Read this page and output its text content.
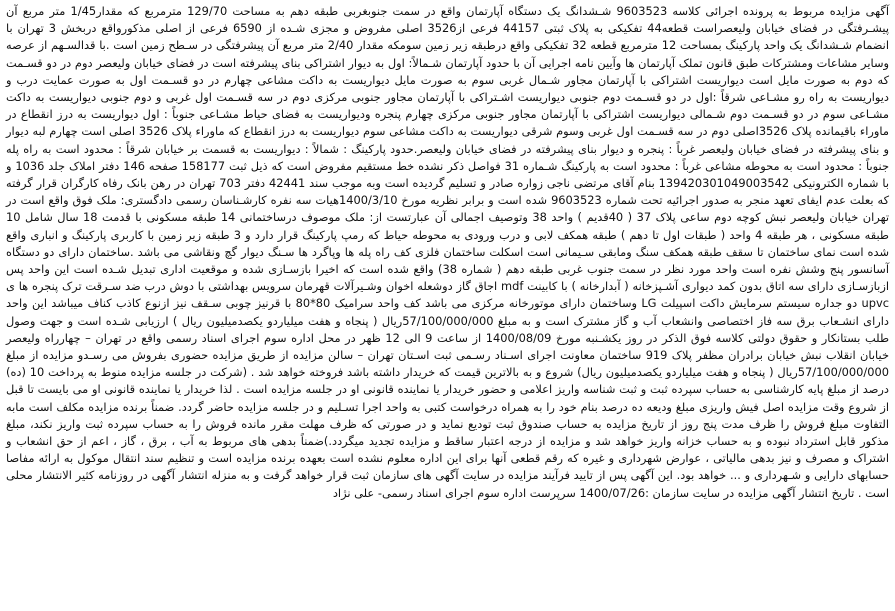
آگهی مزایده مربوط به پرونده اجرائی کلاسه 9603523 شـشدانگ یک دستگاه آپارتمان واقع در سمت جنوبغربی طبقه دهم به مساحت 129/70 مترمربع که مقدار1/45 متر مربع آن پیشـرفتگی در فضای خیابان ولیعصراست قطعه44 تفکیکی به پلاک ثبتی 44157 فرعی از3526 اصلی مفروض و مجزی شـده از 6590 فرعی از اصلی مذکورواقع دربخش 3 تهران با انضمام شـشدانگ یک واحد پارکینگ بمساحت 12 مترمربع قطعه 32 تفکیکی واقع درطبقه زیر زمین سومکه مقدار 2/40 متر مربع آن پیشرفتگی در سـطح زمین است .با قدالسـهم از عرصه وسایر مشاعات ومشترکات طبق قانون تملک آپارتمان ها وآیین نامه اجرایی آن با حدود آپارتمان شـمالاً: اول به دیوار اشتراکی بنای پیشرفته است در فضای خیابان ولیعصر دوم در دو قسـمت که دوم به صورت مایل است دیواریست اشتراکی با آپارتمان مجاور شـمال غربی سوم به صورت مایل دیواریست به داکت مشاعی چهارم در دو قسـمت اول به صورت عمایت درب و دیواریست به راه رو مشـاعی شرقاً :اول در دو قسـمت دوم جنوبی دیواریست اشـتراکی با آپارتمان مجاور جنوبی مرکزی دوم در سه قسـمت اول غربی و دوم جنوبی دیواریست به داکت مشـاعی سوم در دو قسـمت دوم شـمالی دیواریست اشتراکی با آپارتمان مجاور جنوبی مرکزی چهارم پنجره ودیواریست به فضای حیاط مشـاعی جنوباً : اول دیواریست به درز انقطاع در ماوراء باقیمانده پلاک 3526اصلی دوم در سه قسـمت اول غربی وسوم شرقی دیواریست به داکت مشاعی سوم دیواریست به درز انقطاع که ماوراء پلاک 3526 اصلی است چهارم لبه دیوار و بنای پیشرفته در فضای خیابان ولیعصر غرباً : پنجره و دیوار بنای پیشرفته در فضای خیابان ولیعصر.حدود پارکینگ : شمالاً : دیواریست به قسمت بر خیابان شرقاً : محدود است به راه پله جنوباً : محدود است به محوطه مشاعی غرباً : محدود است به پارکینگ شـماره 31 فواصل ذکر نشده خط مستقیم مفروض است که ذیل ثبت 158177 صفحه 146 دفتر املاک جلد 1036 و با شماره الکترونیکی 139420301049003542 بنام آقای مرتضی ناجی زواره صادر و تسلیم گردیده است وبه موجب سند 42441 دفتر 703 تهران در رهن بانک رفاه کارگران قرار گرفته که بعلت عدم ایفای تعهد منجر به صدور اجرائیه تحت شماره 9603523 شده است و برابر نظریه مورخ 1400/3/10هیات سه نفره کارشـناسان رسمی دادگستری: ملک فوق واقع است در تهران خیابان ولیعصر نبش کوچه دوم ساعی پلاک 37 ( 40قدیم ) واحد 38 وتوصیف اجمالی آن عبارتست از: ملک موصوف درساختمانی 14 طبقه مسکونی با قدمت 18 سال شامل 10 طبقه مسکونی ، هر طبقه 4 واحد ( طبقات اول تا دهم ) طبقه همکف لابی و درب ورودی به محوطه حیاط که رمپ پارکینگ قرار دارد و 3 طبقه زیر زمین با کاربری پارکینگ و انباری واقع شده است نمای ساختمان تا سقف طبقه همکف سنگ ومابقی سـیمانی است اسکلت ساختمان فلزی کف راه پله ها وپاگرد ها سـنگ دیوار گچ ونقاشی می باشد .ساختمان دارای دو دستگاه آسانسور پنج وشش نفره است واحد مورد نظر در سمت جنوب غربی طبقه دهم ( شماره 38) واقع شده است که اخیرا بازسـازی شده و موقعیت اداری تبدیل شـده است این واحد پس ازبازسـازی دارای سه اتاق بدون کمد دیواری آشـپزخانه ( آبدارخانه ) با کابینت mdf اجاق گاز دوشعله اخوان وشـیرآلات قهرمان سرویس بهداشتی با دوش درب ضد سـرقت ترک پنجره ها ی upvc دو جداره سیستم سرمایش داکت اسپیلت LG وساختمان دارای موتورخانه مرکزی می باشد کف واحد سرامیک 80*80 با قرنیز چوبی سـقف نیز ازنوع کاذب کناف میباشد این واحد دارای انشـعاب برق سه فاز اختصاصی وانشعاب آب و گاز مشترک است و به مبلغ 57/100/000/000ریال ( پنجاه و هفت میلیاردو یکصدمیلیون ریال ) ارزیابی شـده است و جهت وصول طلب بستانکار و حقوق دولتی کلاسه فوق الذکر در روز یکشـنبه مورخ 1400/08/09 از ساعت 9 الی 12 ظهر در محل اداره سوم اجرای اسناد رسمی واقع در تهران – چهارراه ولیعصر خیابان انقلاب نبش خیابان برادران مظفر پلاک 919 ساختمان معاونت اجرای اسـناد رسـمی ثبت اسـتان تهران – سالن مزایده از طریق مزایده حضوری بفروش می رسـدو مزایده از مبلغ 57/100/000/000ریال ( پنجاه و هفت میلیاردو یکصدمیلیون ریال) شروع و به بالاترین قیمت که خریدار داشته باشد فروخته خواهد شد . (شرکت در جلسه مزایده منوط به پرداخت 10 (ده) درصد از مبلغ پایه کارشناسی به حساب سپرده ثبت و ثبت شناسه واریز اعلامی و حضور خریدار یا نماینده قانونی او در جلسه مزایده است . لذا خریدار یا نماینده قانونی او می بایست تا قبل از شروع وقت مزایده اصل فیش واریزی مبلغ ودیعه ده درصد بنام خود را به همراه درخواست کتبی به واحد اجرا تسـلیم و در جلسه مزایده حاضر گردد. ضمناً برنده مزایده مکلف است مابه التفاوت مبلغ فروش را ظرف مدت پنج روز از تاریخ مزایده به حساب صندوق ثبت تودیع نماید و در صورتی که ظرف مهلت مقرر مانده فروش را به حساب سپرده ثبت واریز نکند، مبلغ مذکور قابل استرداد نبوده و به حساب خزانه واریز خواهد شد و مزایده از درجه اعتبار ساقط و مزایده تجدید میگردد.)ضمناً بدهی های مربوط به آب ، برق ، گاز ، اعم از حق انشعاب و اشتراک و مصرف و نیز بدهی مالیاتی ، عوارض شهرداری و غیره که رقم قطعی آنها برای این اداره معلوم نشده است بعهده برنده مزایده است و تنظیم سند انتقال موکول به ارائه مفاصا حسابهای دارایی و شـهرداری و ... خواهد بود. این آگهی پس از تایید فرآیند مزایده در سایت آگهی های سازمان ثبت قرار خواهد گرفت و به منزله انتشار آگهی در روزنامه کثیر الانتشار محلی است . تاریخ انتشار آگهی مزایده در سایت سازمان :1400/07/26 سرپرست اداره سوم اجرای اسناد رسمی- علی نژاد
